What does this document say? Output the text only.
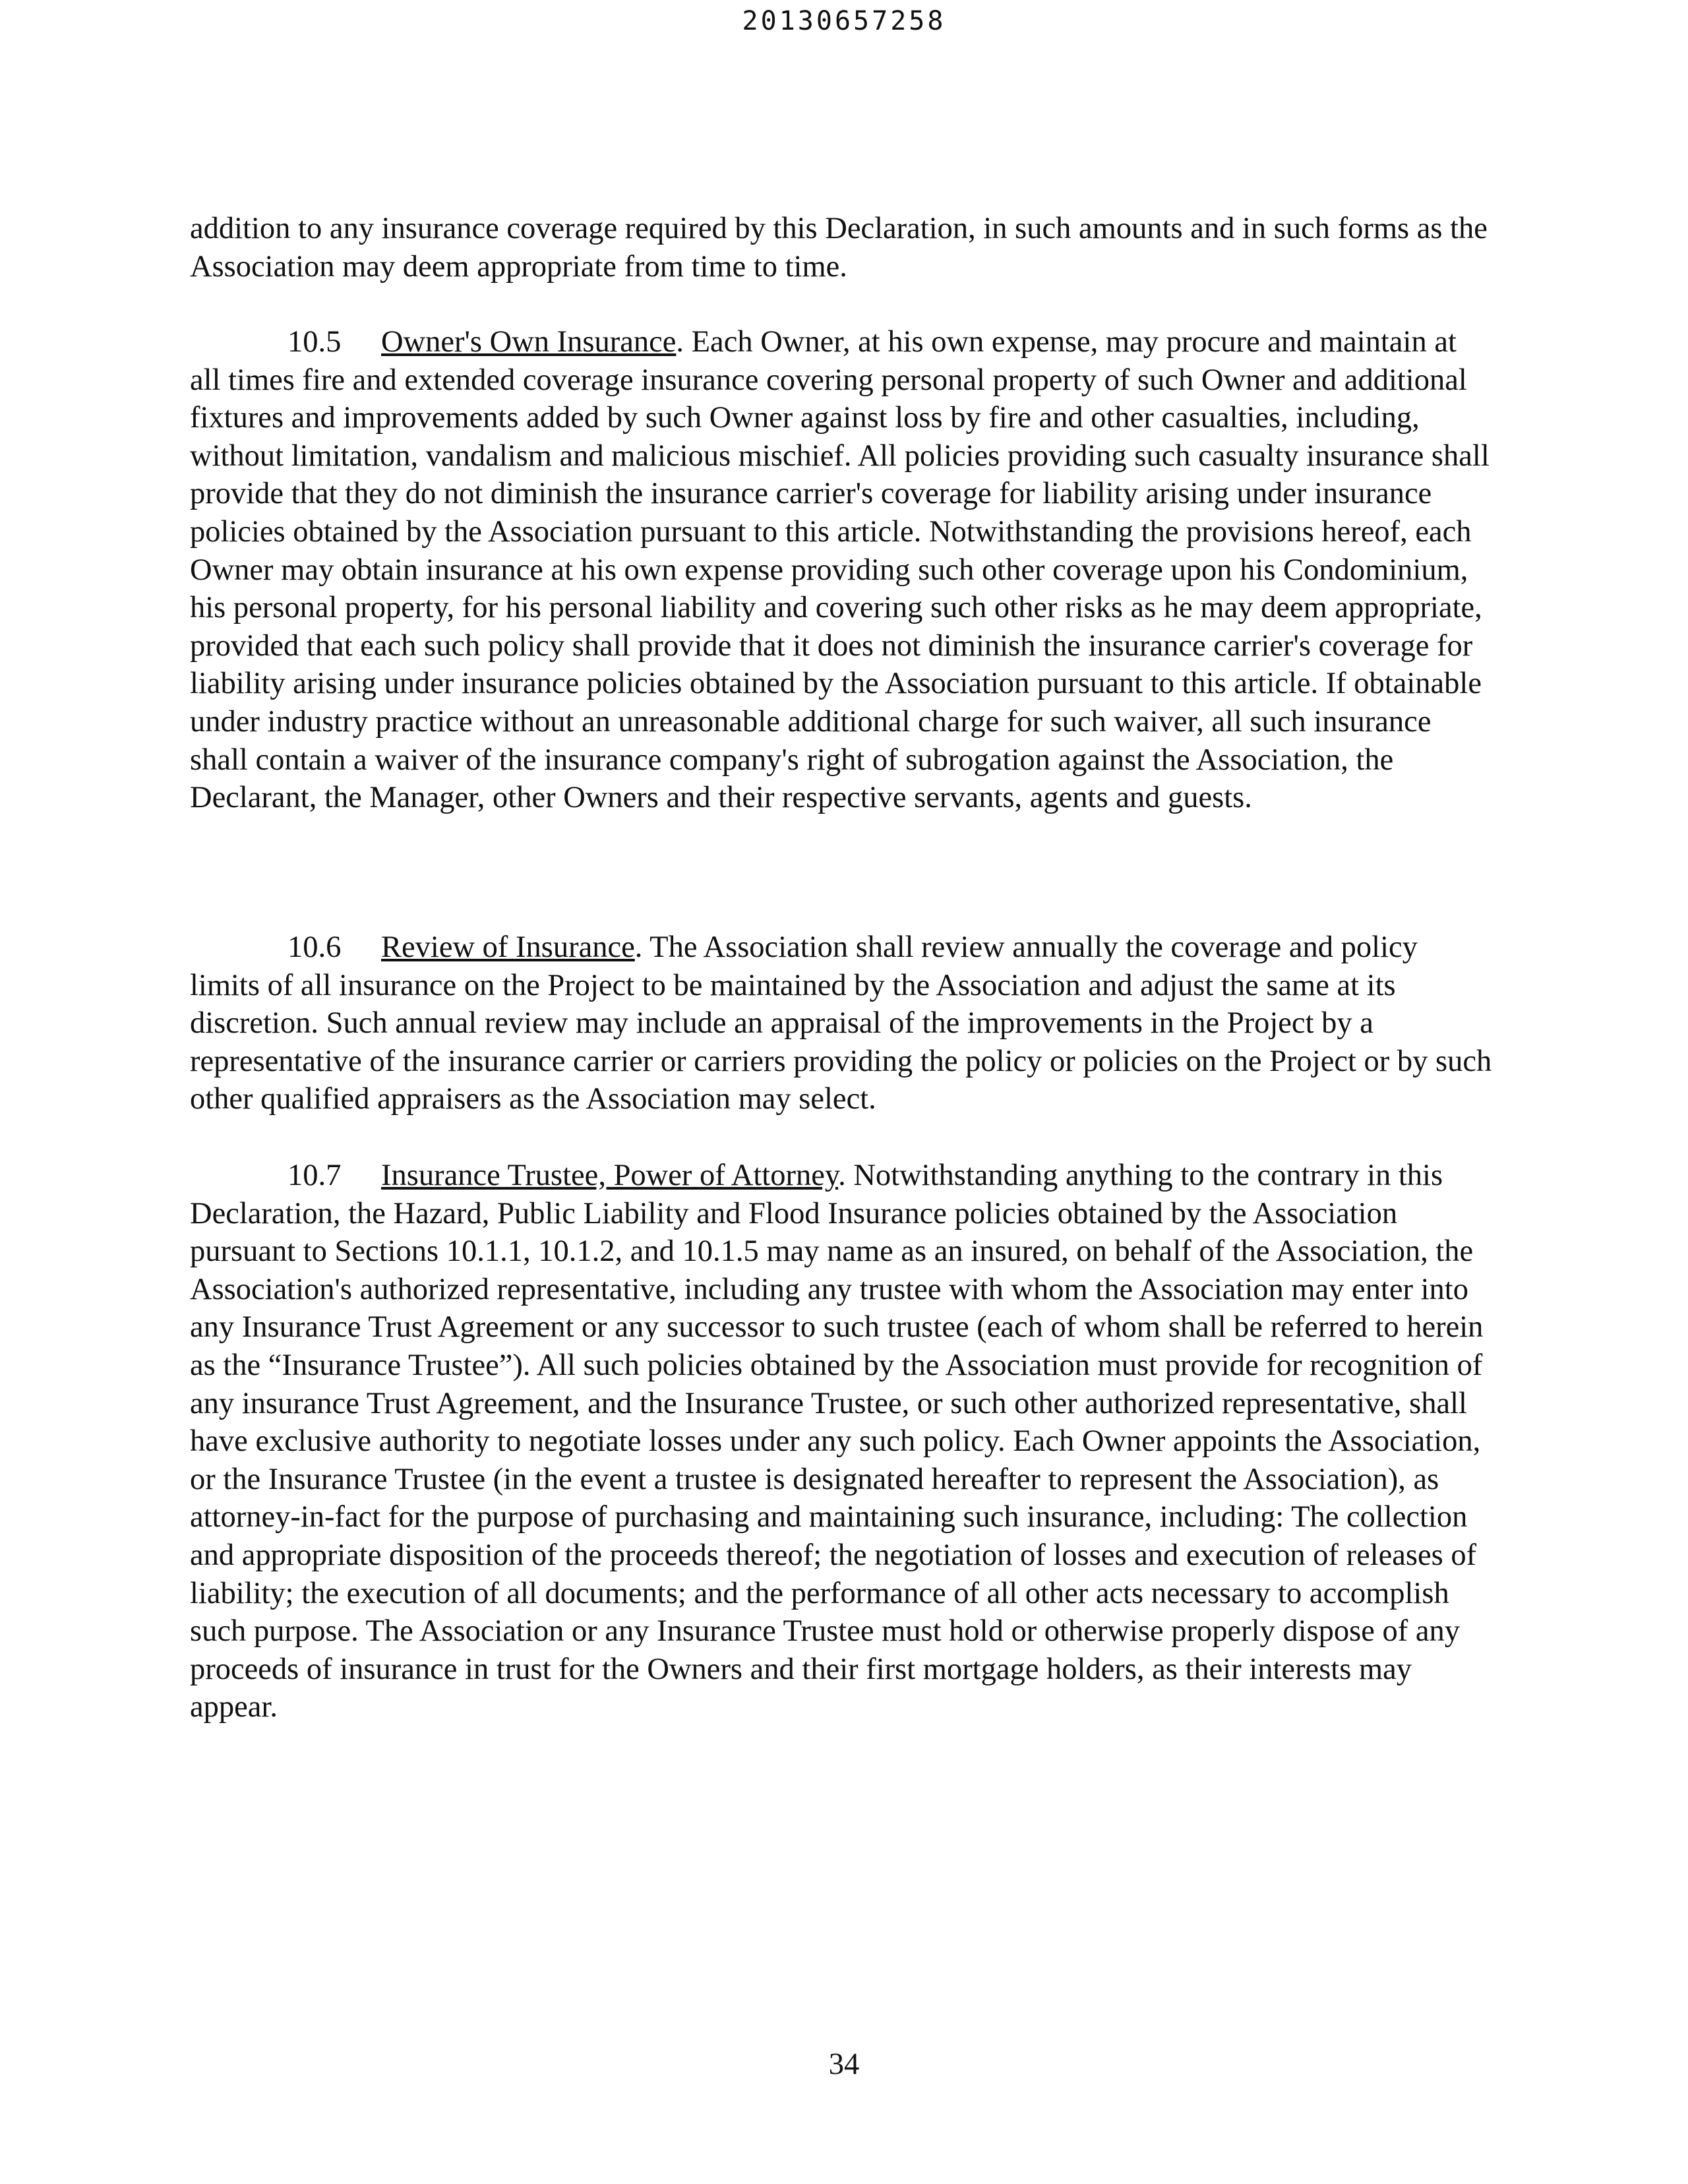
20130657258

addition to any insurance coverage required by this Declaration, in such amounts and in such forms as the Association may deem appropriate from time to time.

10.5 Owner's Own Insurance. Each Owner, at his own expense, may procure and maintain at all times fire and extended coverage insurance covering personal property of such Owner and additional fixtures and improvements added by such Owner against loss by fire and other casualties, including, without limitation, vandalism and malicious mischief. All policies providing such casualty insurance shall provide that they do not diminish the insurance carrier's coverage for liability arising under insurance policies obtained by the Association pursuant to this article. Notwithstanding the provisions hereof, each Owner may obtain insurance at his own expense providing such other coverage upon his Condominium, his personal property, for his personal liability and covering such other risks as he may deem appropriate, provided that each such policy shall provide that it does not diminish the insurance carrier's coverage for liability arising under insurance policies obtained by the Association pursuant to this article. If obtainable under industry practice without an unreasonable additional charge for such waiver, all such insurance shall contain a waiver of the insurance company's right of subrogation against the Association, the Declarant, the Manager, other Owners and their respective servants, agents and guests.

10.6 Review of Insurance. The Association shall review annually the coverage and policy limits of all insurance on the Project to be maintained by the Association and adjust the same at its discretion. Such annual review may include an appraisal of the improvements in the Project by a representative of the insurance carrier or carriers providing the policy or policies on the Project or by such other qualified appraisers as the Association may select.

10.7 Insurance Trustee, Power of Attorney. Notwithstanding anything to the contrary in this Declaration, the Hazard, Public Liability and Flood Insurance policies obtained by the Association pursuant to Sections 10.1.1, 10.1.2, and 10.1.5 may name as an insured, on behalf of the Association, the Association's authorized representative, including any trustee with whom the Association may enter into any Insurance Trust Agreement or any successor to such trustee (each of whom shall be referred to herein as the “Insurance Trustee”). All such policies obtained by the Association must provide for recognition of any insurance Trust Agreement, and the Insurance Trustee, or such other authorized representative, shall have exclusive authority to negotiate losses under any such policy. Each Owner appoints the Association, or the Insurance Trustee (in the event a trustee is designated hereafter to represent the Association), as attorney-in-fact for the purpose of purchasing and maintaining such insurance, including: The collection and appropriate disposition of the proceeds thereof; the negotiation of losses and execution of releases of liability; the execution of all documents; and the performance of all other acts necessary to accomplish such purpose. The Association or any Insurance Trustee must hold or otherwise properly dispose of any proceeds of insurance in trust for the Owners and their first mortgage holders, as their interests may appear.

34
